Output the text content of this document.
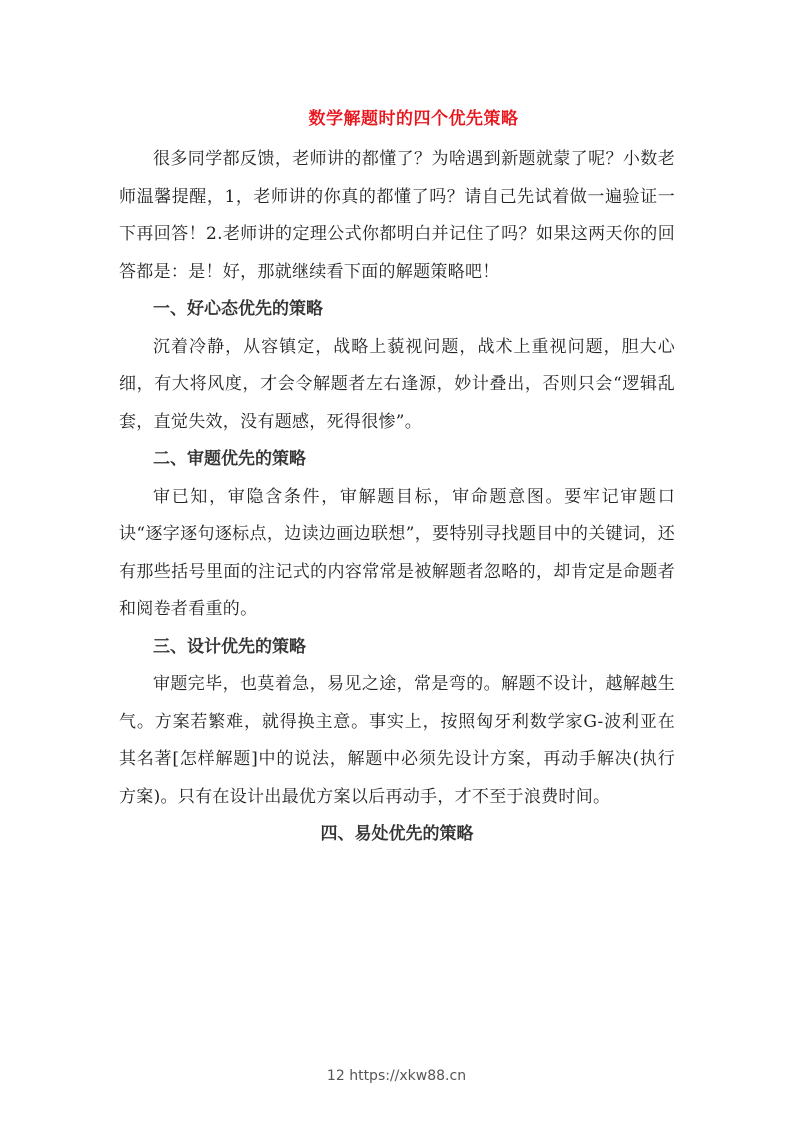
数学解题时的四个优先策略

很多同学都反馈，老师讲的都懂了？为啥遇到新题就蒙了呢？小数老师温馨提醒，1，老师讲的你真的都懂了吗？请自己先试着做一遍验证一下再回答！2.老师讲的定理公式你都明白并记住了吗？如果这两天你的回答都是：是！好，那就继续看下面的解题策略吧！

一、好心态优先的策略

沉着冷静，从容镇定，战略上藐视问题，战术上重视问题，胆大心细，有大将风度，才会令解题者左右逢源，妙计叠出，否则只会“逻辑乱套，直觉失效，没有题感，死得很惨”。

二、审题优先的策略

审已知，审隐含条件，审解题目标，审命题意图。要牢记审题口诀“逐字逐句逐标点，边读边画边联想”，要特别寻找题目中的关键词，还有那些括号里面的注记式的内容常常是被解题者忽略的，却肯定是命题者和阅卷者看重的。

三、设计优先的策略

审题完毕，也莫着急，易见之途，常是弯的。解题不设计，越解越生气。方案若繁难，就得换主意。事实上，按照匈牙利数学家G-波利亚在其名著[怎样解题]中的说法，解题中必须先设计方案，再动手解决(执行方案)。只有在设计出最优方案以后再动手，才不至于浪费时间。

四、易处优先的策略

12 https://xkw88.cn
